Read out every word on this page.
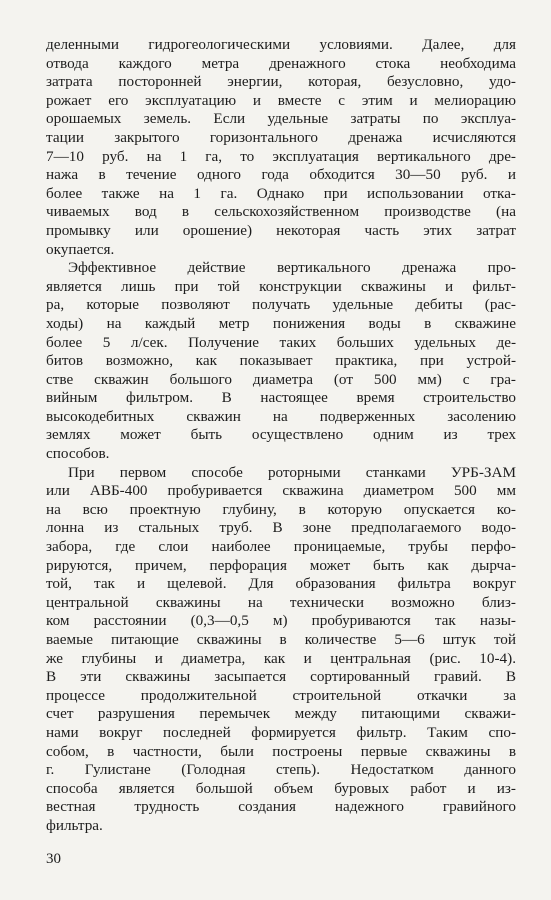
деленными гидрогеологическими условиями. Далее, для
отвода каждого метра дренажного стока необходима
затрата посторонней энергии, которая, безусловно, удо-
рожает его эксплуатацию и вместе с этим и мелиорацию
орошаемых земель. Если удельные затраты по эксплуа-
тации закрытого горизонтального дренажа исчисляются
7—10 руб. на 1 га, то эксплуатация вертикального дре-
нажа в течение одного года обходится 30—50 руб. и
более также на 1 га. Однако при использовании отка-
чиваемых вод в сельскохозяйственном производстве (на
промывку или орошение) некоторая часть этих затрат
окупается.
Эффективное действие вертикального дренажа про-
является лишь при той конструкции скважины и фильт-
ра, которые позволяют получать удельные дебиты (рас-
ходы) на каждый метр понижения воды в скважине
более 5 л/сек. Получение таких больших удельных де-
битов возможно, как показывает практика, при устрой-
стве скважин большого диаметра (от 500 мм) с гра-
вийным фильтром. В настоящее время строительство
высокодебитных скважин на подверженных засолению
землях может быть осуществлено одним из трех
способов.
При первом способе роторными станками УРБ-ЗАМ
или АВБ-400 пробуривается скважина диаметром 500 мм
на всю проектную глубину, в которую опускается ко-
лонна из стальных труб. В зоне предполагаемого водо-
забора, где слои наиболее проницаемые, трубы перфо-
рируются, причем, перфорация может быть как дырча-
той, так и щелевой. Для образования фильтра вокруг
центральной скважины на технически возможно близ-
ком расстоянии (0,3—0,5 м) пробуриваются так назы-
ваемые питающие скважины в количестве 5—6 штук той
же глубины и диаметра, как и центральная (рис. 10-4).
В эти скважины засыпается сортированный гравий. В
процессе продолжительной строительной откачки за
счет разрушения перемычек между питающими скважи-
нами вокруг последней формируется фильтр. Таким спо-
собом, в частности, были построены первые скважины в
г. Гулистане (Голодная степь). Недостатком данного
способа является большой объем буровых работ и из-
вестная трудность создания надежного гравийного
фильтра.
30
